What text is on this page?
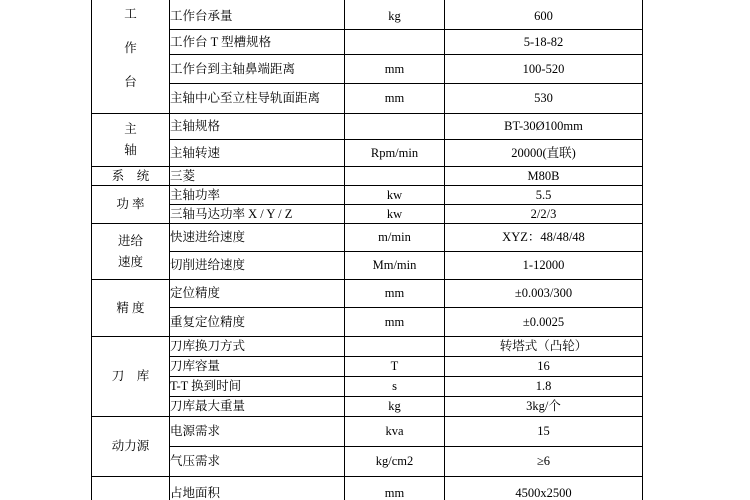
工
作
台	工作台承量	kg	600
	工作台 T 型槽规格		5-18-82
	工作台到主轴鼻端距离	mm	100-520
	主轴中心至立柱导轨面距离	mm	530

主
轴	主轴规格		BT-30Ø100mm
	主轴转速	Rpm/min	20000(直联)
系　统	三菱		M80B
功 率	主轴功率	kw	5.5
	三轴马达功率 X / Y / Z	kw	2/2/3

进给
速度	快速进给速度	m/min	XYZ：48/48/48
	切削进给速度	Mm/min	1-12000
精 度	定位精度	mm	±0.003/300
	重复定位精度	mm	±0.0025
刀　库	刀库换刀方式		转塔式（凸轮）
	刀库容量	T	16
	T-T 换到时间	s	1.8
	刀库最大重量	kg	3kg/个
动力源	电源需求	kva	15
	气压需求	kg/cm2	≥6
	占地面积	mm	4500x2500
